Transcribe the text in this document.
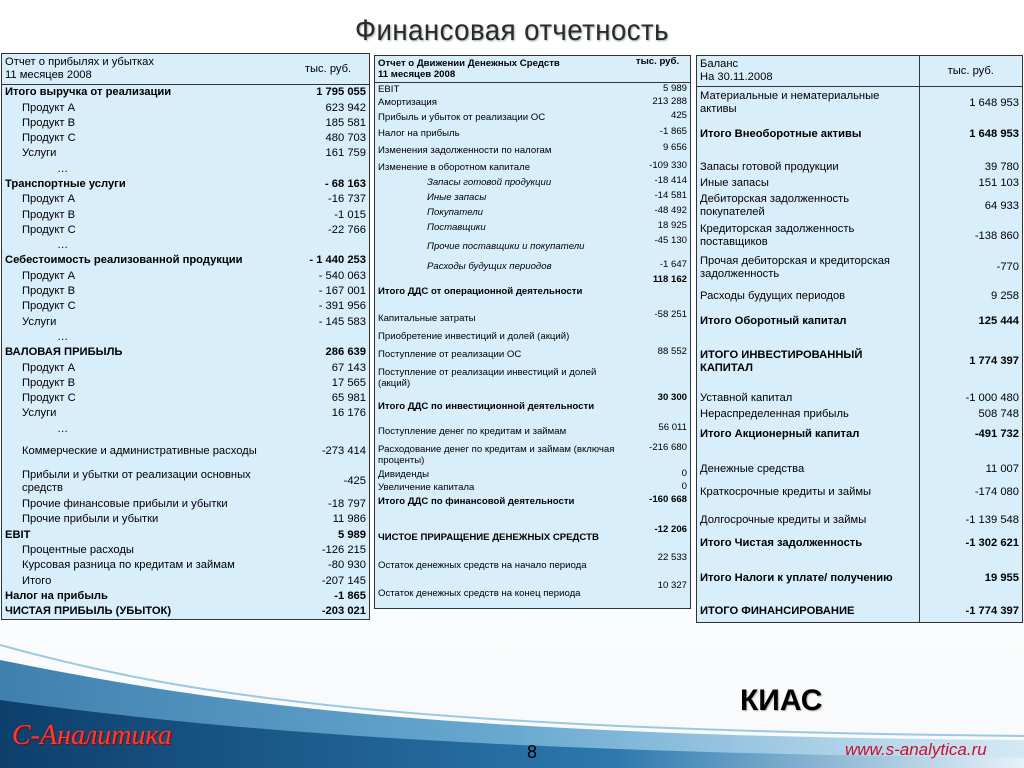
Финансовая отчетность
Отчет о прибылях и убытках
11 месяцев 2008	тыс. руб.
Итого выручка от реализации	1 795 055
Продукт A	623 942
Продукт B	185 581
Продукт C	480 703
Услуги	161 759
…	
Транспортные услуги	- 68 163
Продукт A	-16 737
Продукт B	-1 015
Продукт C	-22 766
…	
Себестоимость реализованной продукции	- 1 440 253
Продукт A	- 540 063
Продукт B	- 167 001
Продукт C	- 391 956
Услуги	- 145 583
…	
ВАЛОВАЯ ПРИБЫЛЬ	286 639
Продукт A	67 143
Продукт B	17 565
Продукт C	65 981
Услуги	16 176
…	
Коммерческие и административные расходы	-273 414
Прибыли и убытки от реализации основных средств	-425
Прочие финансовые прибыли и убытки	-18 797
Прочие прибыли и убытки	11 986
EBIT	5 989
Процентные расходы	-126 215
Курсовая разница по кредитам и займам	-80 930
Итого	-207 145
Налог на прибыль	-1 865
ЧИСТАЯ ПРИБЫЛЬ (УБЫТОК)	-203 021
Отчет о Движении Денежных Средств
11 месяцев 2008	тыс. руб.
EBIT	5 989
Амортизация	213 288
Прибыль и убыток от реализации ОС	425
Налог на прибыль	-1 865
Изменения задолженности по налогам	9 656
Изменение в оборотном капитале	-109 330
Запасы готовой продукции	-18 414
Иные запасы	-14 581
Покупатели	-48 492
Поставщики	18 925
Прочие поставщики и покупатели	-45 130
Расходы будущих периодов	-1 647
Итого ДДС от операционной деятельности	118 162
Капитальные затраты	-58 251
Приобретение инвестиций и долей (акций)	
Поступление от реализации ОС	88 552
Поступление от реализации инвестиций и долей (акций)	
Итого ДДС по инвестиционной деятельности	30 300
Поступление денег по кредитам и займам	56 011
Расходование денег по кредитам и займам (включая проценты)	-216 680
Дивиденды	0
Увеличение капитала	0
Итого ДДС по финансовой деятельности	-160 668

ЧИСТОЕ ПРИРАЩЕНИЕ ДЕНЕЖНЫХ СРЕДСТВ	-12 206
Остаток денежных средств на начало периода	22 533
Остаток денежных средств на конец периода	10 327
Баланс
На 30.11.2008	тыс. руб.
Материальные и нематериальные активы	1 648 953
Итого Внеоборотные активы	1 648 953

Запасы готовой продукции	39 780
Иные запасы	151 103
Дебиторская задолженность покупателей	64 933
Кредиторская задолженность поставщиков	-138 860
Прочая дебиторская и кредиторская задолженность	-770
Расходы будущих периодов	9 258
Итого Оборотный капитал	125 444

ИТОГО ИНВЕСТИРОВАННЫЙ КАПИТАЛ	1 774 397

Уставной капитал	-1 000 480
Нераспределенная прибыль	508 748
Итого Акционерный капитал	-491 732

Денежные средства	11 007
Краткосрочные кредиты и займы	-174 080

Долгосрочные кредиты и займы	-1 139 548
Итого Чистая задолженность	-1 302 621

Итого Налоги к уплате/ получению	19 955

ИТОГО ФИНАНСИРОВАНИЕ	-1 774 397
КИАС
С-Аналитика
8	www.s-analytica.ru
